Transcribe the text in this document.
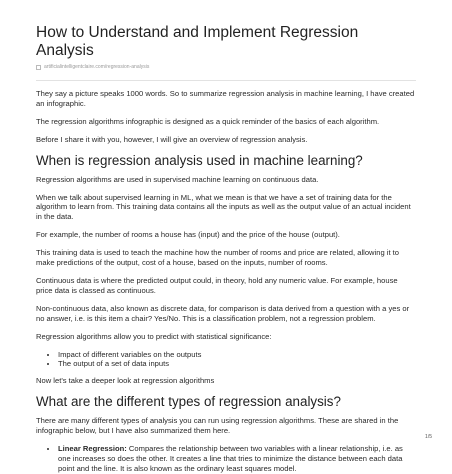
How to Understand and Implement Regression Analysis
artificialintelligentclaire.com/regression-analysis

They say a picture speaks 1000 words. So to summarize regression analysis in machine learning, I have created an infographic.

The regression algorithms infographic is designed as a quick reminder of the basics of each algorithm.

Before I share it with you, however, I will give an overview of regression analysis.

When is regression analysis used in machine learning?

Regression algorithms are used in supervised machine learning on continuous data.

When we talk about supervised learning in ML, what we mean is that we have a set of training data for the algorithm to learn from. This training data contains all the inputs as well as the output value of an actual incident in the data.

For example, the number of rooms a house has (input) and the price of the house (output).

This training data is used to teach the machine how the number of rooms and price are related, allowing it to make predictions of the output, cost of a house, based on the inputs, number of rooms.

Continuous data is where the predicted output could, in theory, hold any numeric value. For example, house price data is classed as continuous.

Non-continuous data, also known as discrete data, for comparison is data derived from a question with a yes or no answer, i.e. is this item a chair? Yes/No. This is a classification problem, not a regression problem.

Regression algorithms allow you to predict with statistical significance:

• Impact of different variables on the outputs
• The output of a set of data inputs

Now let's take a deeper look at regression algorithms

What are the different types of regression analysis?

There are many different types of analysis you can run using regression algorithms. These are shared in the infographic below, but I have also summarized them here.

• Linear Regression: Compares the relationship between two variables with a linear relationship, i.e. as one increases so does the other. It creates a line that tries to minimize the distance between each data point and the line. It is also known as the ordinary least squares model.
1/5
